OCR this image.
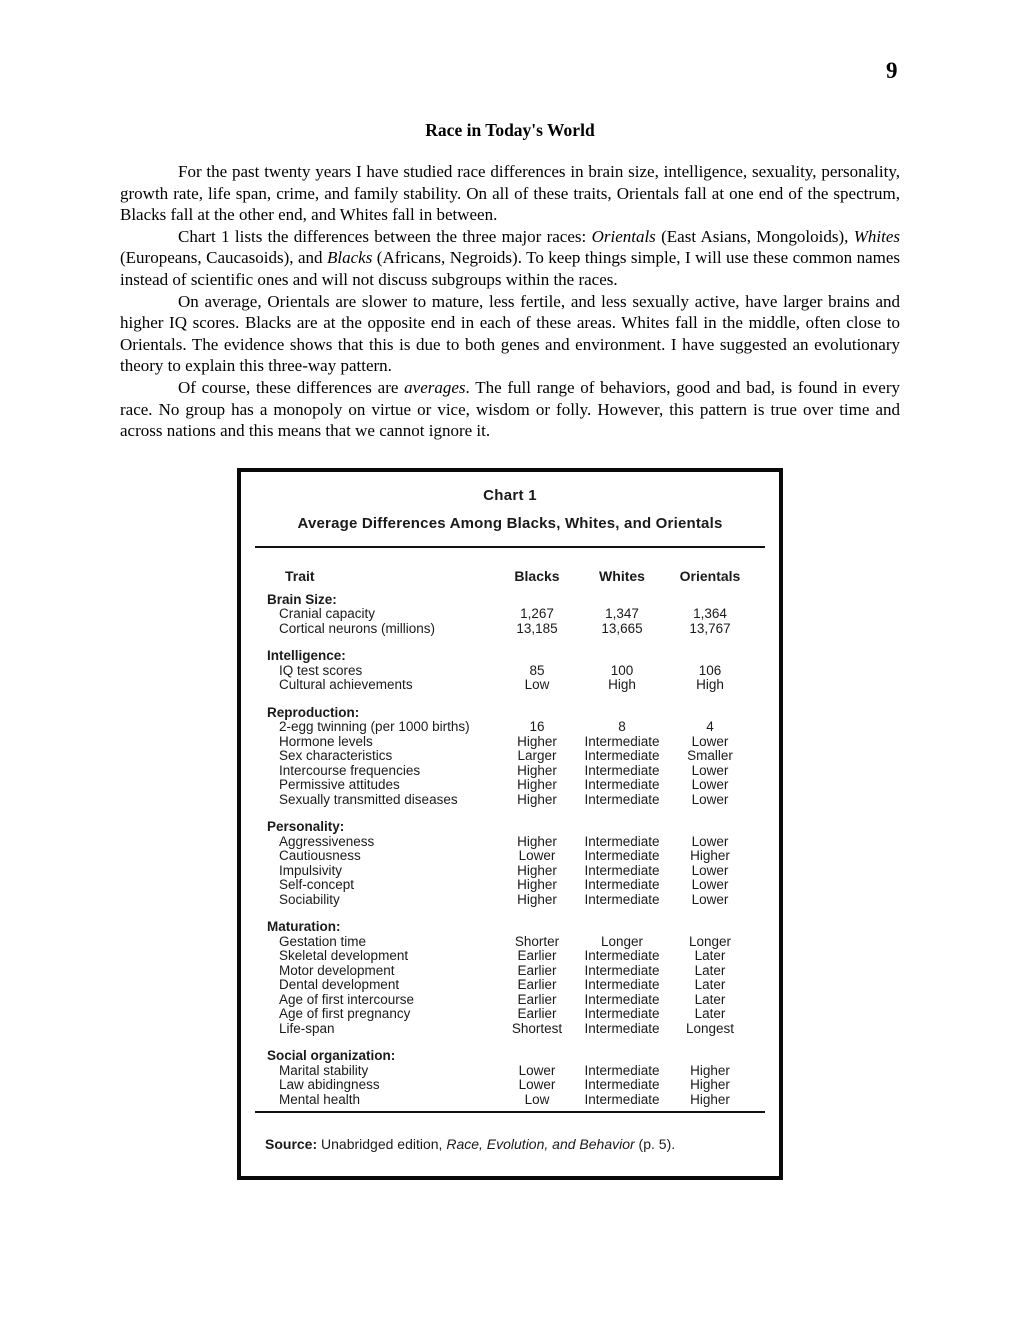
9
Race in Today's World

For the past twenty years I have studied race differences in brain size, intelligence, sexuality, personality, growth rate, life span, crime, and family stability. On all of these traits, Orientals fall at one end of the spectrum, Blacks fall at the other end, and Whites fall in between.

Chart 1 lists the differences between the three major races: Orientals (East Asians, Mongoloids), Whites (Europeans, Caucasoids), and Blacks (Africans, Negroids). To keep things simple, I will use these common names instead of scientific ones and will not discuss subgroups within the races.

On average, Orientals are slower to mature, less fertile, and less sexually active, have larger brains and higher IQ scores. Blacks are at the opposite end in each of these areas. Whites fall in the middle, often close to Orientals. The evidence shows that this is due to both genes and environment. I have suggested an evolutionary theory to explain this three-way pattern.

Of course, these differences are averages. The full range of behaviors, good and bad, is found in every race. No group has a monopoly on virtue or vice, wisdom or folly. However, this pattern is true over time and across nations and this means that we cannot ignore it.

Chart 1
Average Differences Among Blacks, Whites, and Orientals
Trait	Blacks	Whites	Orientals
Brain Size:
Cranial capacity	1,267	1,347	1,364
Cortical neurons (millions)	13,185	13,665	13,767
Intelligence:
IQ test scores	85	100	106
Cultural achievements	Low	High	High
Reproduction:
2-egg twinning (per 1000 births)	16	8	4
Hormone levels	Higher	Intermediate	Lower
Sex characteristics	Larger	Intermediate	Smaller
Intercourse frequencies	Higher	Intermediate	Lower
Permissive attitudes	Higher	Intermediate	Lower
Sexually transmitted diseases	Higher	Intermediate	Lower
Personality:
Aggressiveness	Higher	Intermediate	Lower
Cautiousness	Lower	Intermediate	Higher
Impulsivity	Higher	Intermediate	Lower
Self-concept	Higher	Intermediate	Lower
Sociability	Higher	Intermediate	Lower
Maturation:
Gestation time	Shorter	Longer	Longer
Skeletal development	Earlier	Intermediate	Later
Motor development	Earlier	Intermediate	Later
Dental development	Earlier	Intermediate	Later
Age of first intercourse	Earlier	Intermediate	Later
Age of first pregnancy	Earlier	Intermediate	Later
Life-span	Shortest	Intermediate	Longest
Social organization:
Marital stability	Lower	Intermediate	Higher
Law abidingness	Lower	Intermediate	Higher
Mental health	Low	Intermediate	Higher
Source: Unabridged edition, Race, Evolution, and Behavior (p. 5).
